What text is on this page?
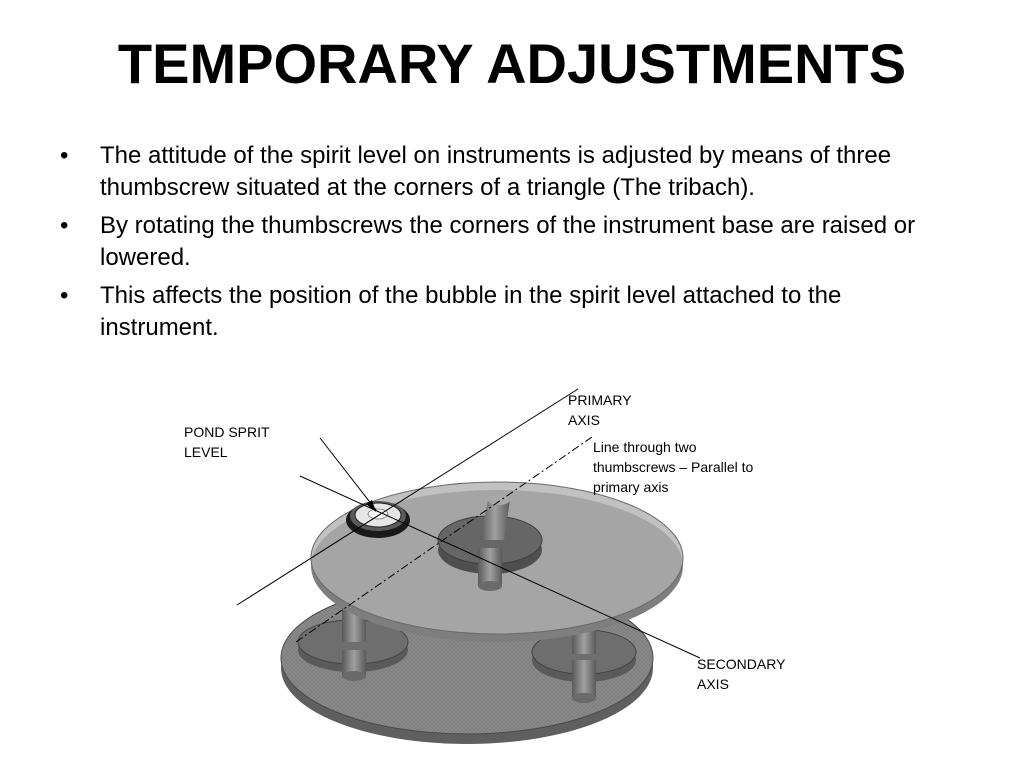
TEMPORARY ADJUSTMENTS
• The attitude of the spirit level on instruments is adjusted by means of three thumbscrew situated at the corners of a triangle (The tribach).
• By rotating the thumbscrews the corners of the instrument base are raised or lowered.
• This affects the position of the bubble in the spirit level attached to the instrument.
PRIMARY
AXIS
POND SPRIT
LEVEL	Line through two
thumbscrews – Parallel to
primary axis
SECONDARY
AXIS
